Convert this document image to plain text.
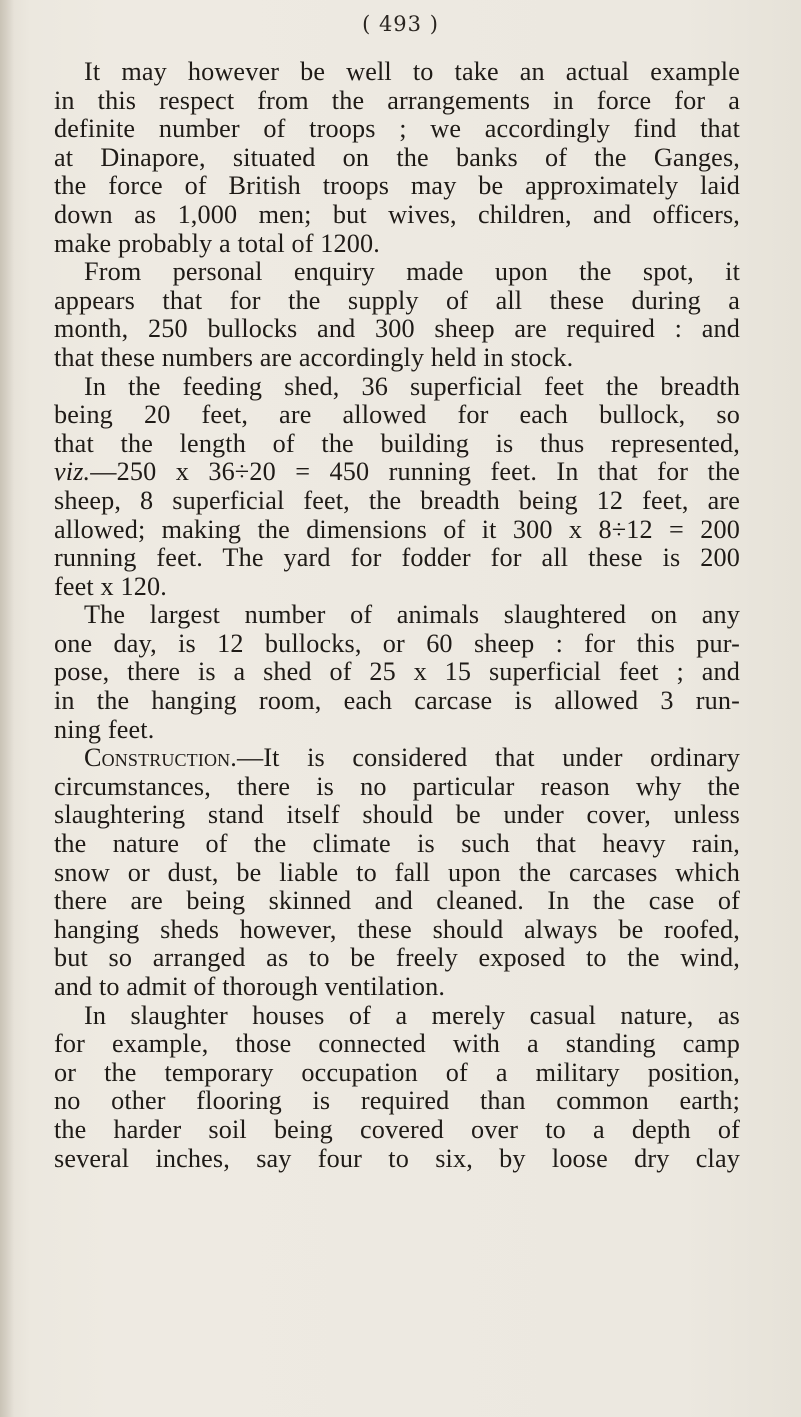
( 493 )
It may however be well to take an actual example
in this respect from the arrangements in force for a
definite number of troops ; we accordingly find that
at Dinapore, situated on the banks of the Ganges,
the force of British troops may be approximately laid
down as 1,000 men; but wives, children, and officers,
make probably a total of 1200.
From personal enquiry made upon the spot, it
appears that for the supply of all these during a
month, 250 bullocks and 300 sheep are required : and
that these numbers are accordingly held in stock.
In the feeding shed, 36 superficial feet the breadth
being 20 feet, are allowed for each bullock, so
that the length of the building is thus represented,
viz.—250 x 36÷20 = 450 running feet. In that for the
sheep, 8 superficial feet, the breadth being 12 feet, are
allowed; making the dimensions of it 300 x 8÷12 = 200
running feet. The yard for fodder for all these is 200
feet x 120.
The largest number of animals slaughtered on any
one day, is 12 bullocks, or 60 sheep : for this pur-
pose, there is a shed of 25 x 15 superficial feet ; and
in the hanging room, each carcase is allowed 3 run-
ning feet.
Construction.—It is considered that under ordinary
circumstances, there is no particular reason why the
slaughtering stand itself should be under cover, unless
the nature of the climate is such that heavy rain,
snow or dust, be liable to fall upon the carcases which
there are being skinned and cleaned. In the case of
hanging sheds however, these should always be roofed,
but so arranged as to be freely exposed to the wind,
and to admit of thorough ventilation.
In slaughter houses of a merely casual nature, as
for example, those connected with a standing camp
or the temporary occupation of a military position,
no other flooring is required than common earth;
the harder soil being covered over to a depth of
several inches, say four to six, by loose dry clay
